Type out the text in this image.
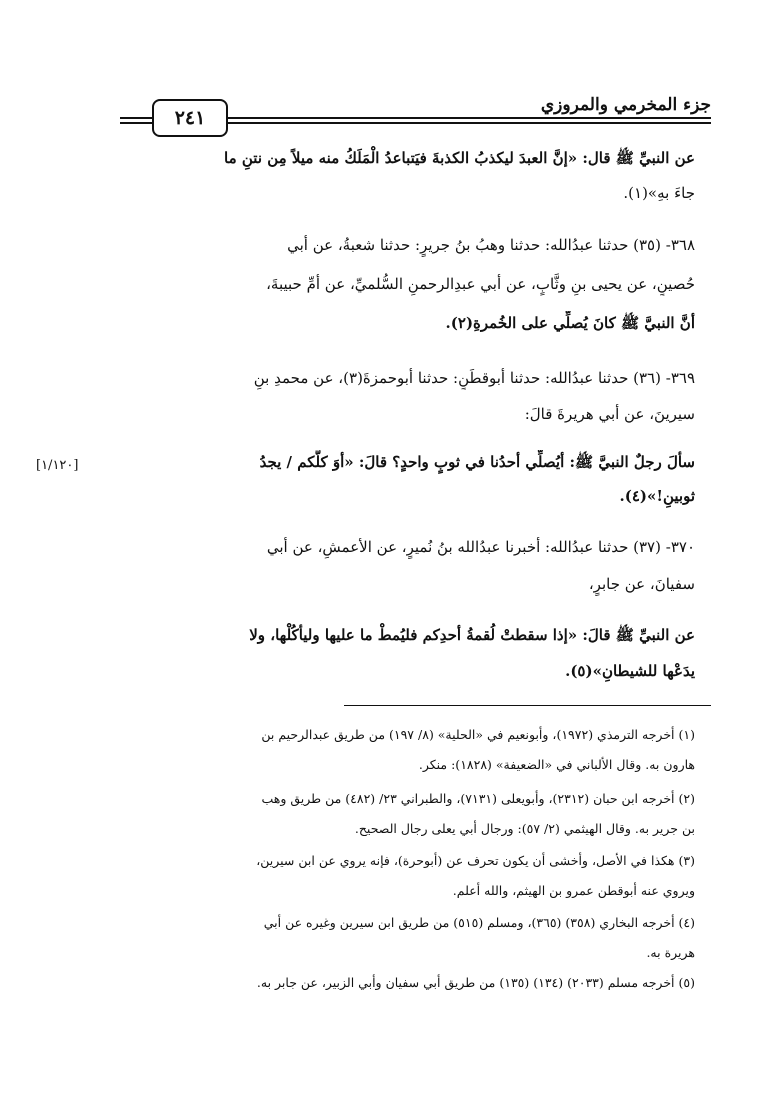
٢٤١
جزء المخرمي والمروزي
عن النبيِّ ﷺ قال: «إنَّ العبدَ ليكذبُ الكذبةَ فيَتباعدُ الْمَلَكُ منه ميلاً مِن نتنِ ما
جاءَ بهِ»(١).
٣٦٨- (٣٥) حدثنا عبدُالله: حدثنا وهبُ بنُ جريرٍ: حدثنا شعبةُ، عن أبي
حُصينٍ، عن يحيى بنِ وثَّابٍ، عن أبي عبدِالرحمنِ السُّلميِّ، عن أمِّ حبيبةَ،
أنَّ النبيَّ ﷺ كانَ يُصلِّي على الخُمرةِ(٢).
٣٦٩- (٣٦) حدثنا عبدُالله: حدثنا أبوقطَنٍ: حدثنا أبوحمزةَ(٣)، عن محمدِ بنِ
سيرينَ، عن أبي هريرةَ قالَ:
سألَ رجلٌ النبيَّ ﷺ: أيُصلِّي أحدُنا في ثوبٍ واحدٍ؟ قالَ: «أوَ كلُّكم / يجدُ
ثوبينِ!»(٤).
٣٧٠- (٣٧) حدثنا عبدُالله: أخبرنا عبدُالله بنُ نُميرٍ، عن الأعمشِ، عن أبي
سفيانَ، عن جابرٍ،
عن النبيِّ ﷺ قالَ: «إذا سقطتْ لُقمةُ أحدِكم فليُمطْ ما عليها وليأكُلْها، ولا
يدَعْها للشيطانِ»(٥).
[١/١٢٠]
(١) أخرجه الترمذي (١٩٧٢)، وأبونعيم في «الحلية» (٨/ ١٩٧) من طريق عبدالرحيم بن
هارون به. وقال الألباني في «الضعيفة» (١٨٢٨): منكر.
(٢) أخرجه ابن حبان (٢٣١٢)، وأبويعلى (٧١٣١)، والطبراني ٢٣/ (٤٨٢) من طريق وهب
بن جرير به. وقال الهيثمي (٢/ ٥٧): ورجال أبي يعلى رجال الصحيح.
(٣) هكذا في الأصل، وأخشى أن يكون تحرف عن (أبوحرة)، فإنه يروي عن ابن سيرين،
ويروي عنه أبوقطن عمرو بن الهيثم، والله أعلم.
(٤) أخرجه البخاري (٣٥٨) (٣٦٥)، ومسلم (٥١٥) من طريق ابن سيرين وغيره عن أبي
هريرة به.
(٥) أخرجه مسلم (٢٠٣٣) (١٣٤) (١٣٥) من طريق أبي سفيان وأبي الزبير، عن جابر به.
